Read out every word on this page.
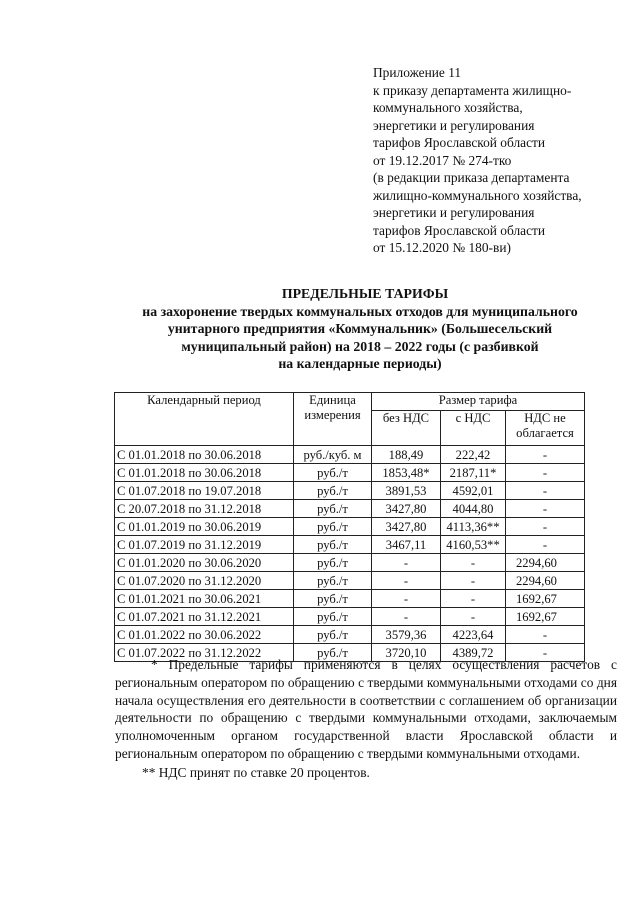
Приложение 11
к приказу департамента жилищно-
коммунального хозяйства,
энергетики и регулирования
тарифов Ярославской области
от 19.12.2017 № 274-тко
(в редакции приказа департамента
жилищно-коммунального хозяйства,
энергетики и регулирования
тарифов Ярославской области
от 15.12.2020 № 180-ви)
ПРЕДЕЛЬНЫЕ ТАРИФЫ
на захоронение твердых коммунальных отходов для муниципального
унитарного предприятия «Коммунальник» (Большесельский
муниципальный район) на 2018 – 2022 годы (с разбивкой
на календарные периоды)
Календарный период	Единица измерения	Размер тарифа		
		без НДС	с НДС	НДС не облагается
С 01.01.2018 по 30.06.2018	руб./куб. м	188,49	222,42	-
С 01.01.2018 по 30.06.2018	руб./т	1853,48*	2187,11*	-
С 01.07.2018 по 19.07.2018	руб./т	3891,53	4592,01	-
С 20.07.2018 по 31.12.2018	руб./т	3427,80	4044,80	-
С 01.01.2019 по 30.06.2019	руб./т	3427,80	4113,36**	-
С 01.07.2019 по 31.12.2019	руб./т	3467,11	4160,53**	-
С 01.01.2020 по 30.06.2020	руб./т	-	-	2294,60
С 01.07.2020 по 31.12.2020	руб./т	-	-	2294,60
С 01.01.2021 по 30.06.2021	руб./т	-	-	1692,67
С 01.07.2021 по 31.12.2021	руб./т	-	-	1692,67
С 01.01.2022 по 30.06.2022	руб./т	3579,36	4223,64	-
С 01.07.2022 по 31.12.2022	руб./т	3720,10	4389,72	-

* Предельные тарифы применяются в целях осуществления расчетов с региональным оператором по обращению с твердыми коммунальными отходами со дня начала осуществления его деятельности в соответствии с соглашением об организации деятельности по обращению с твердыми коммунальными отходами, заключаемым уполномоченным органом государственной власти Ярославской области и региональным оператором по обращению с твердыми коммунальными отходами.

** НДС принят по ставке 20 процентов.
